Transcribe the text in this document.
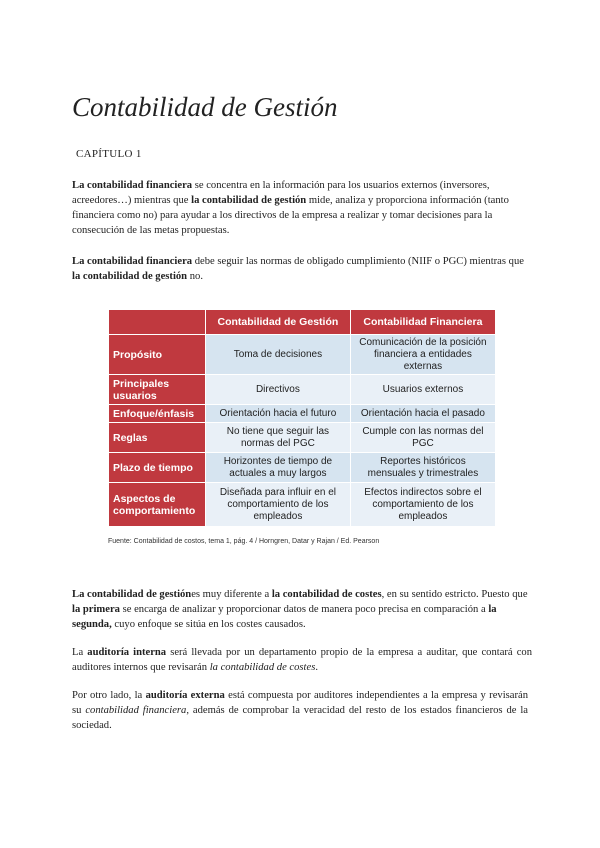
Contabilidad de Gestión
CAPÍTULO 1

La contabilidad financiera se concentra en la información para los usuarios externos (inversores, acreedores…) mientras que la contabilidad de gestión mide, analiza y proporciona información (tanto financiera como no) para ayudar a los directivos de la empresa a realizar y tomar decisiones para la consecución de las metas propuestas.

La contabilidad financiera debe seguir las normas de obligado cumplimiento (NIIF o PGC) mientras que la contabilidad de gestión no.

	Contabilidad de Gestión	Contabilidad Financiera
Propósito	Toma de decisiones	Comunicación de la posición financiera a entidades externas
Principales usuarios	Directivos	Usuarios externos
Enfoque/énfasis	Orientación hacia el futuro	Orientación hacia el pasado
Reglas	No tiene que seguir las normas del PGC	Cumple con las normas del PGC
Plazo de tiempo	Horizontes de tiempo de actuales a muy largos	Reportes históricos mensuales y trimestrales
Aspectos de comportamiento	Diseñada para influir en el comportamiento de los empleados	Efectos indirectos sobre el comportamiento de los empleados
Fuente: Contabilidad de costos, tema 1, pág. 4 / Horngren, Datar y Rajan / Ed. Pearson

La contabilidad de gestiónes muy diferente a la contabilidad de costes, en su sentido estricto. Puesto que la primera se encarga de analizar y proporcionar datos de manera poco precisa en comparación a la segunda, cuyo enfoque se sitúa en los costes causados.

La auditoría interna será llevada por un departamento propio de la empresa a auditar, que contará con auditores internos que revisarán la contabilidad de costes.

Por otro lado, la auditoría externa está compuesta por auditores independientes a la empresa y revisarán su contabilidad financiera, además de comprobar la veracidad del resto de los estados financieros de la sociedad.
